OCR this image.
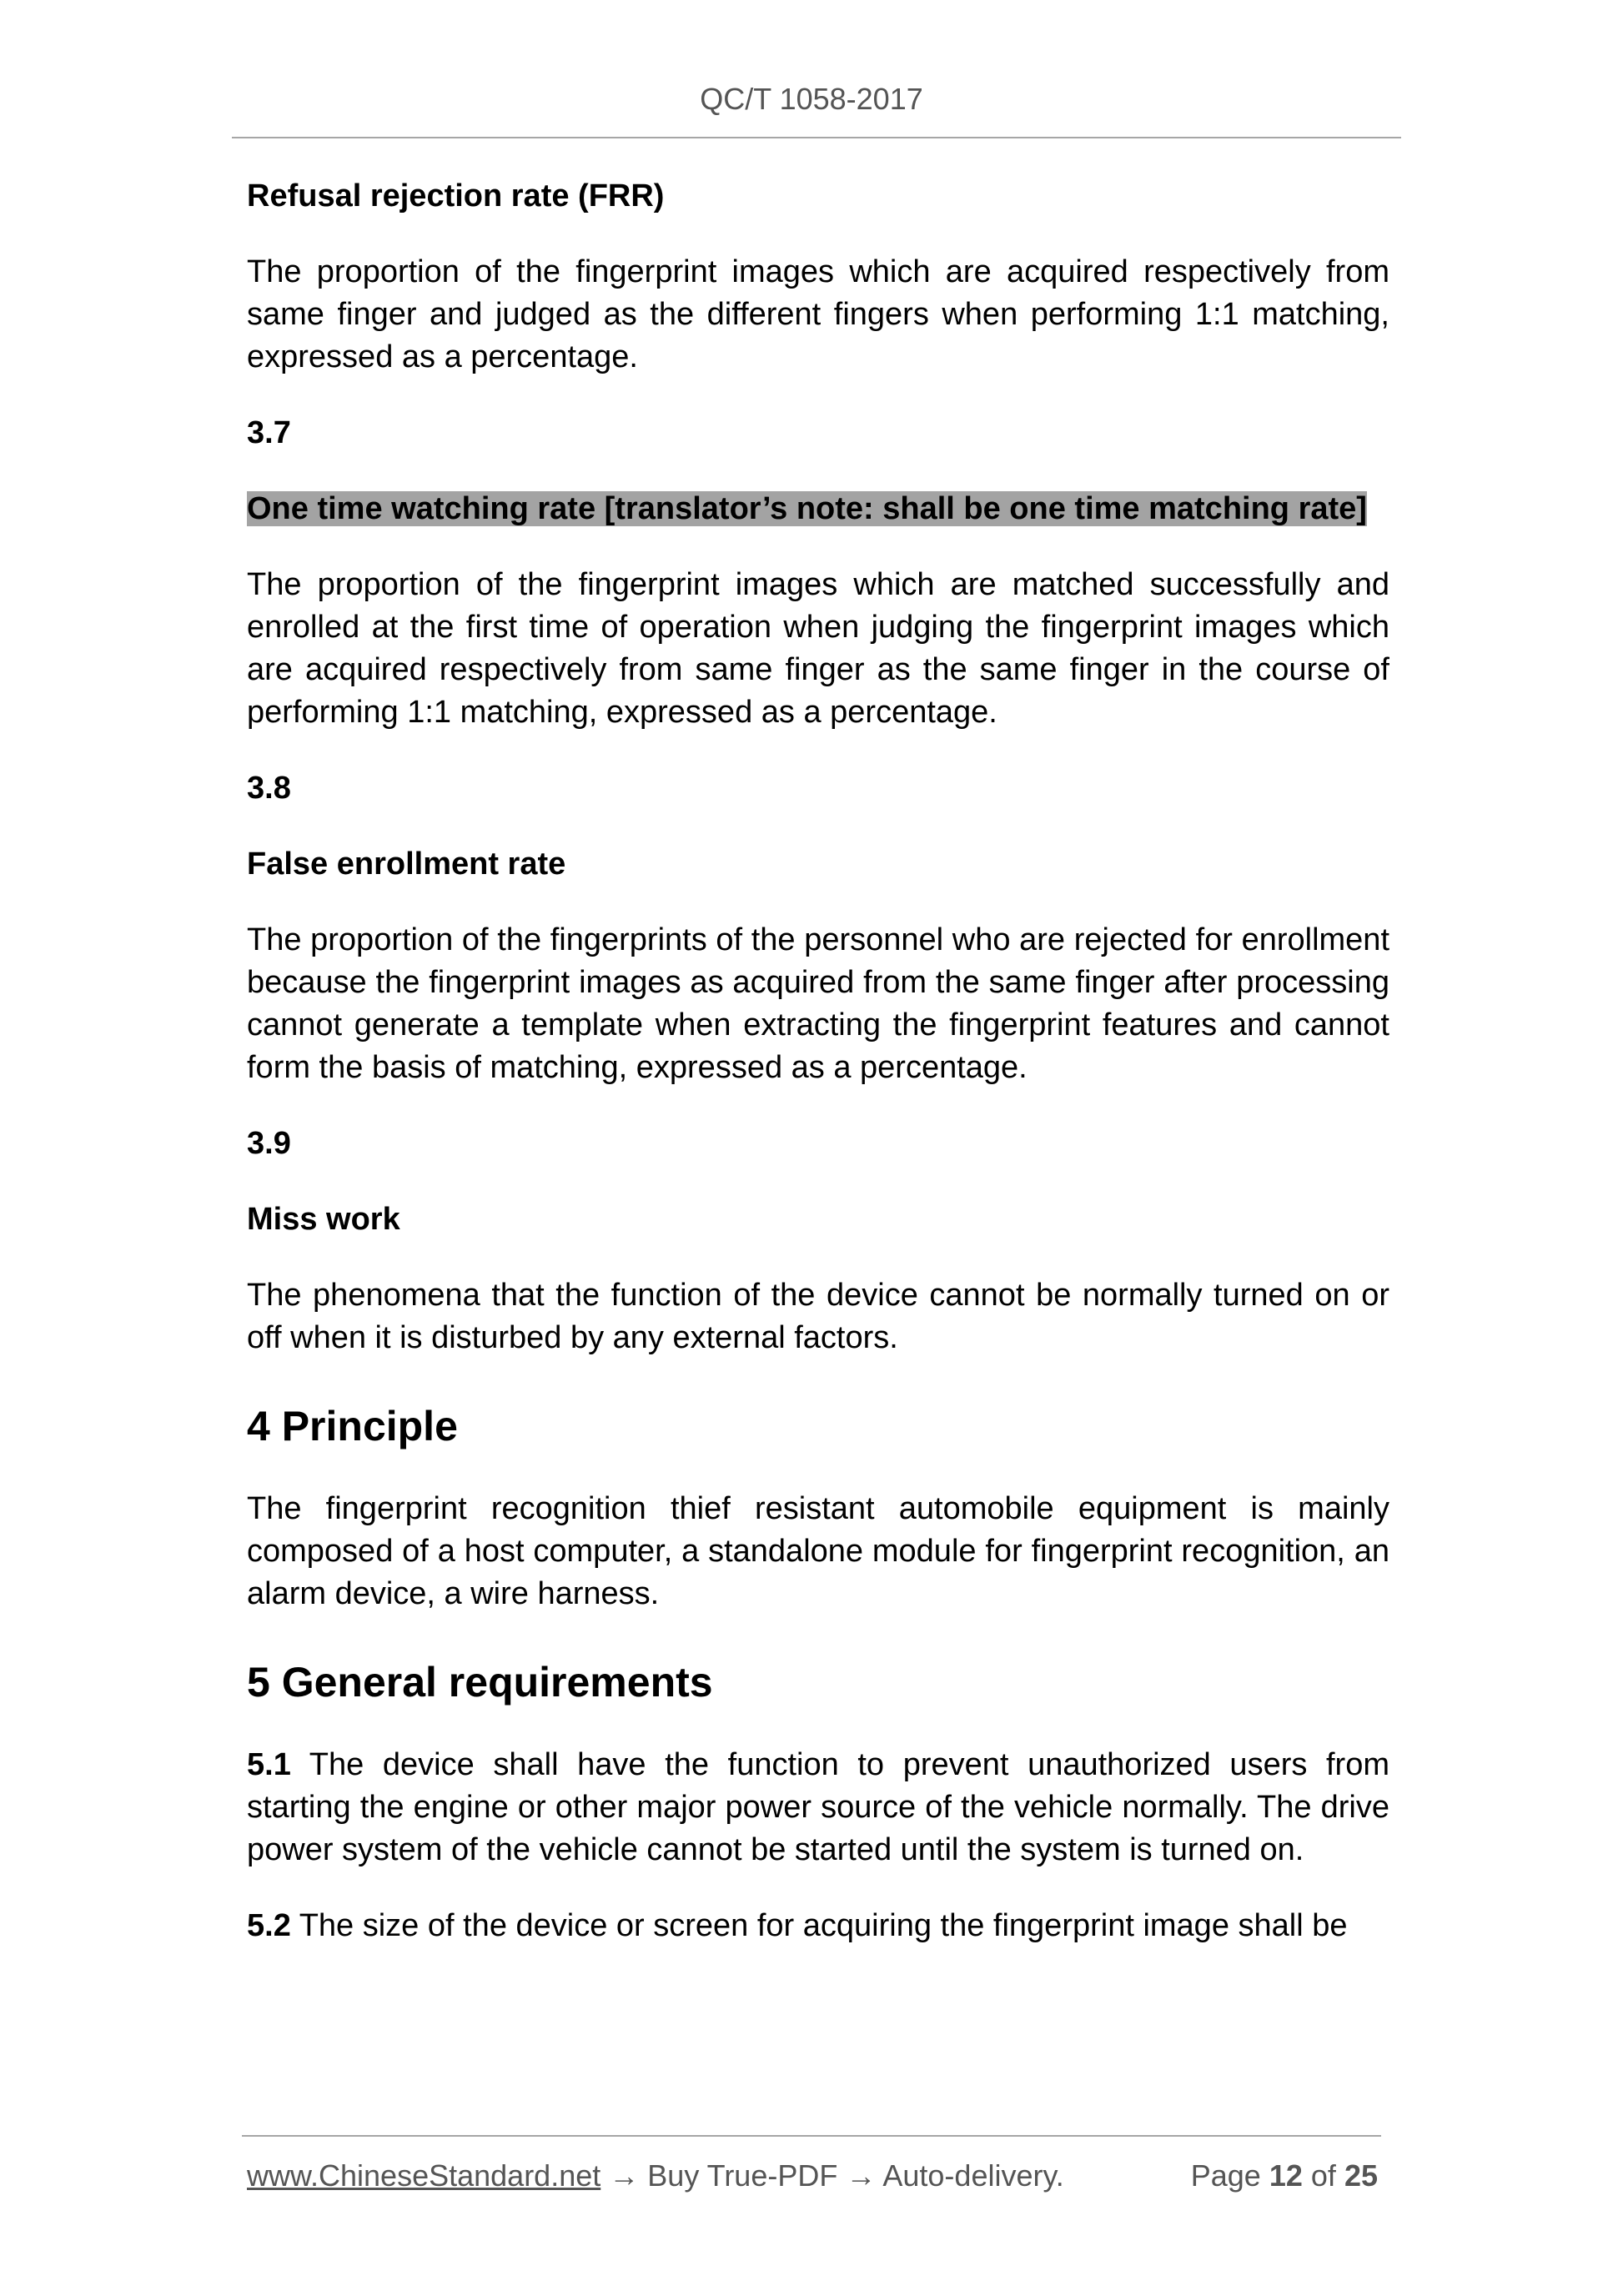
QC/T 1058-2017
Refusal rejection rate (FRR)
The proportion of the fingerprint images which are acquired respectively from same finger and judged as the different fingers when performing 1:1 matching, expressed as a percentage.
3.7
One time watching rate [translator’s note: shall be one time matching rate]
The proportion of the fingerprint images which are matched successfully and enrolled at the first time of operation when judging the fingerprint images which are acquired respectively from same finger as the same finger in the course of performing 1:1 matching, expressed as a percentage.
3.8
False enrollment rate
The proportion of the fingerprints of the personnel who are rejected for enrollment because the fingerprint images as acquired from the same finger after processing cannot generate a template when extracting the fingerprint features and cannot form the basis of matching, expressed as a percentage.
3.9
Miss work
The phenomena that the function of the device cannot be normally turned on or off when it is disturbed by any external factors.
4 Principle
The fingerprint recognition thief resistant automobile equipment is mainly composed of a host computer, a standalone module for fingerprint recognition, an alarm device, a wire harness.
5 General requirements
5.1 The device shall have the function to prevent unauthorized users from starting the engine or other major power source of the vehicle normally. The drive power system of the vehicle cannot be started until the system is turned on.
5.2 The size of the device or screen for acquiring the fingerprint image shall be
www.ChineseStandard.net → Buy True-PDF → Auto-delivery.	Page 12 of 25
